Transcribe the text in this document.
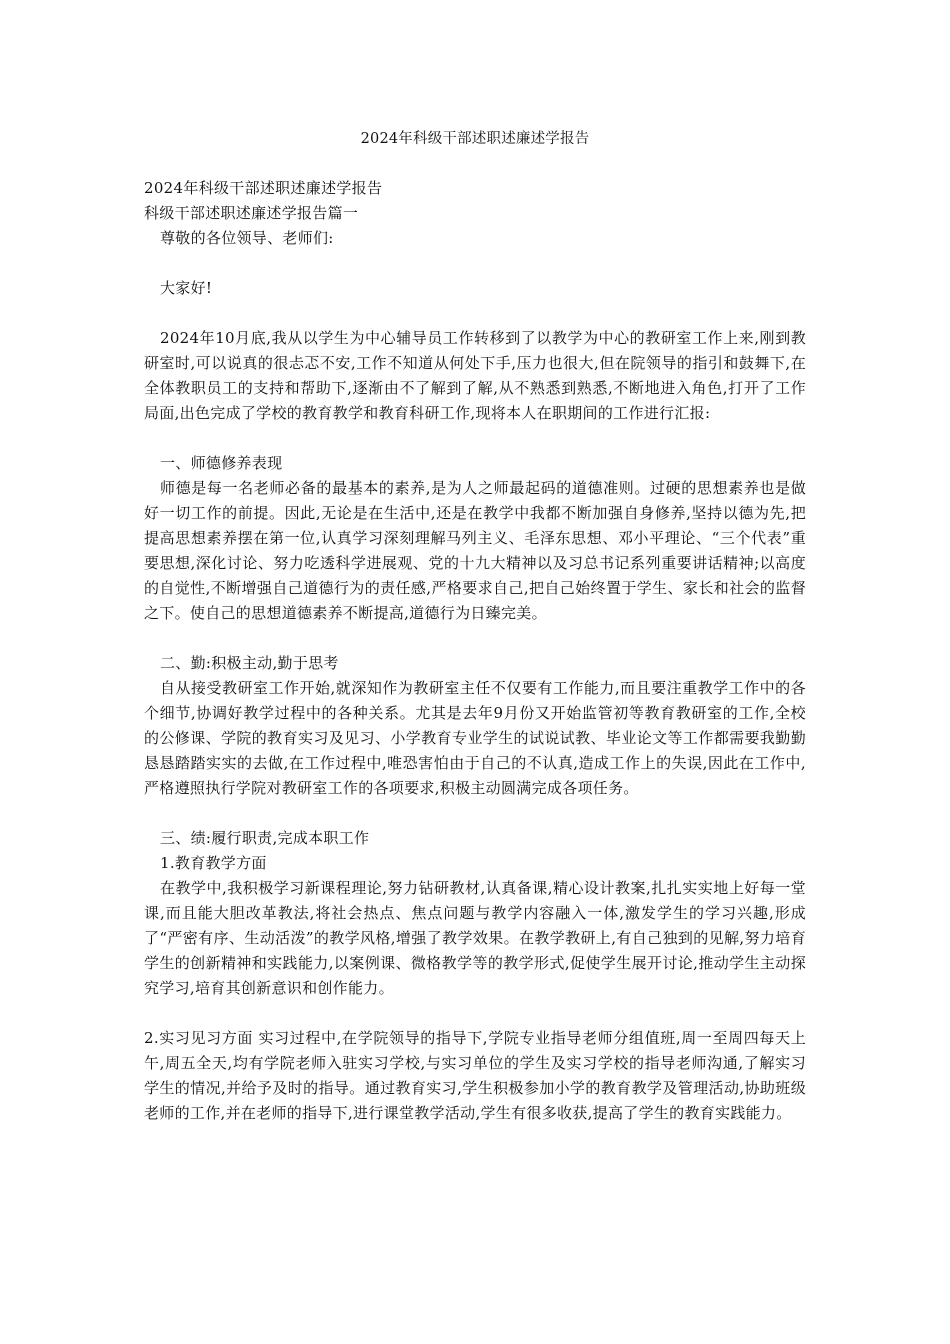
2024年科级干部述职述廉述学报告

2024年科级干部述职述廉述学报告

科级干部述职述廉述学报告篇一

尊敬的各位领导、老师们:

大家好!

2024年10月底,我从以学生为中心辅导员工作转移到了以教学为中心的教研室工作上来,刚到教研室时,可以说真的很忐忑不安,工作不知道从何处下手,压力也很大,但在院领导的指引和鼓舞下,在全体教职员工的支持和帮助下,逐渐由不了解到了解,从不熟悉到熟悉,不断地进入角色,打开了工作局面,出色完成了学校的教育教学和教育科研工作,现将本人在职期间的工作进行汇报:

一、师德修养表现

师德是每一名老师必备的最基本的素养,是为人之师最起码的道德准则。过硬的思想素养也是做好一切工作的前提。因此,无论是在生活中,还是在教学中我都不断加强自身修养,坚持以德为先,把提高思想素养摆在第一位,认真学习深刻理解马列主义、毛泽东思想、邓小平理论、“三个代表”重要思想,深化讨论、努力吃透科学进展观、党的十九大精神以及习总书记系列重要讲话精神;以高度的自觉性,不断增强自己道德行为的责任感,严格要求自己,把自己始终置于学生、家长和社会的监督之下。使自己的思想道德素养不断提高,道德行为日臻完美。

二、勤:积极主动,勤于思考

自从接受教研室工作开始,就深知作为教研室主任不仅要有工作能力,而且要注重教学工作中的各个细节,协调好教学过程中的各种关系。尤其是去年9月份又开始监管初等教育教研室的工作,全校的公修课、学院的教育实习及见习、小学教育专业学生的试说试教、毕业论文等工作都需要我勤勤恳恳踏踏实实的去做,在工作过程中,唯恐害怕由于自己的不认真,造成工作上的失误,因此在工作中,严格遵照执行学院对教研室工作的各项要求,积极主动圆满完成各项任务。

三、绩:履行职责,完成本职工作

1.教育教学方面

在教学中,我积极学习新课程理论,努力钻研教材,认真备课,精心设计教案,扎扎实实地上好每一堂课,而且能大胆改革教法,将社会热点、焦点问题与教学内容融入一体,激发学生的学习兴趣,形成了“严密有序、生动活泼”的教学风格,增强了教学效果。在教学教研上,有自己独到的见解,努力培育学生的创新精神和实践能力,以案例课、微格教学等的教学形式,促使学生展开讨论,推动学生主动探究学习,培育其创新意识和创作能力。

2.实习见习方面 实习过程中,在学院领导的指导下,学院专业指导老师分组值班,周一至周四每天上午,周五全天,均有学院老师入驻实习学校,与实习单位的学生及实习学校的指导老师沟通,了解实习学生的情况,并给予及时的指导。通过教育实习,学生积极参加小学的教育教学及管理活动,协助班级老师的工作,并在老师的指导下,进行课堂教学活动,学生有很多收获,提高了学生的教育实践能力。
